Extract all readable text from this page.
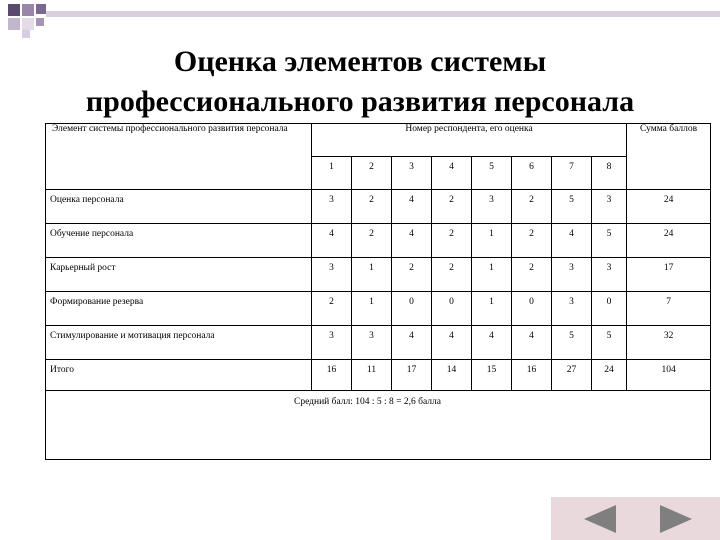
Оценка элементов системы
профессионального развития персонала
Элемент системы профессионального развития персонала	Номер респондента, его оценка								Сумма баллов
	1	2	3	4	5	6	7	8	
Оценка персонала	3	2	4	2	3	2	5	3	24
Обучение персонала	4	2	4	2	1	2	4	5	24
Карьерный рост	3	1	2	2	1	2	3	3	17
Формирование резерва	2	1	0	0	1	0	3	0	7
Стимулирование и мотивация персонала	3	3	4	4	4	4	5	5	32
Итого	16	11	17	14	15	16	27	24	104

Средний балл: 104 : 5 : 8 = 2,6 балла
